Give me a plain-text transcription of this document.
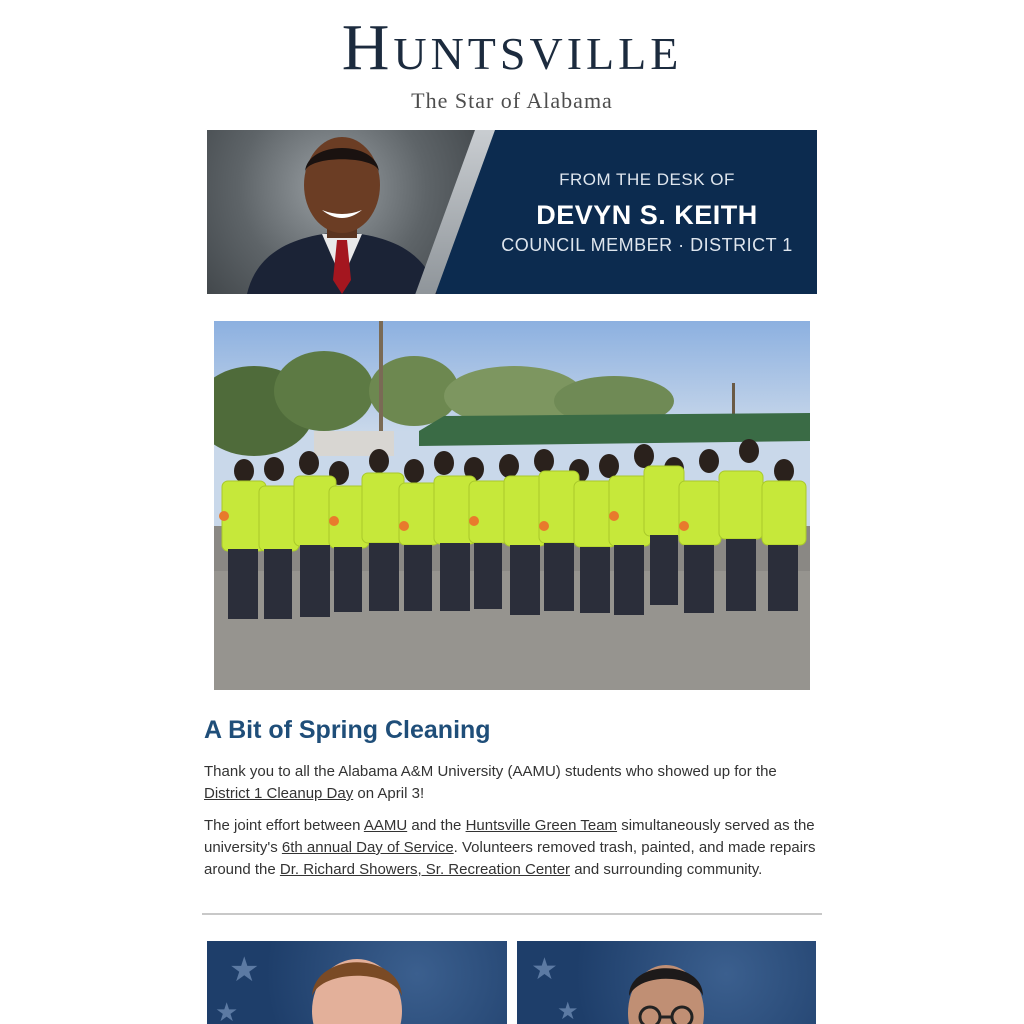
Huntsville
The Star of Alabama
FROM THE DESK OF
DEVYN S. KEITH
COUNCIL MEMBER · DISTRICT 1
A Bit of Spring Cleaning

Thank you to all the Alabama A&M University (AAMU) students who showed up for the District 1 Cleanup Day on April 3!

The joint effort between AAMU and the Huntsville Green Team simultaneously served as the university's 6th annual Day of Service. Volunteers removed trash, painted, and made repairs around the Dr. Richard Showers, Sr. Recreation Center and surrounding community.

★
★
★
★
